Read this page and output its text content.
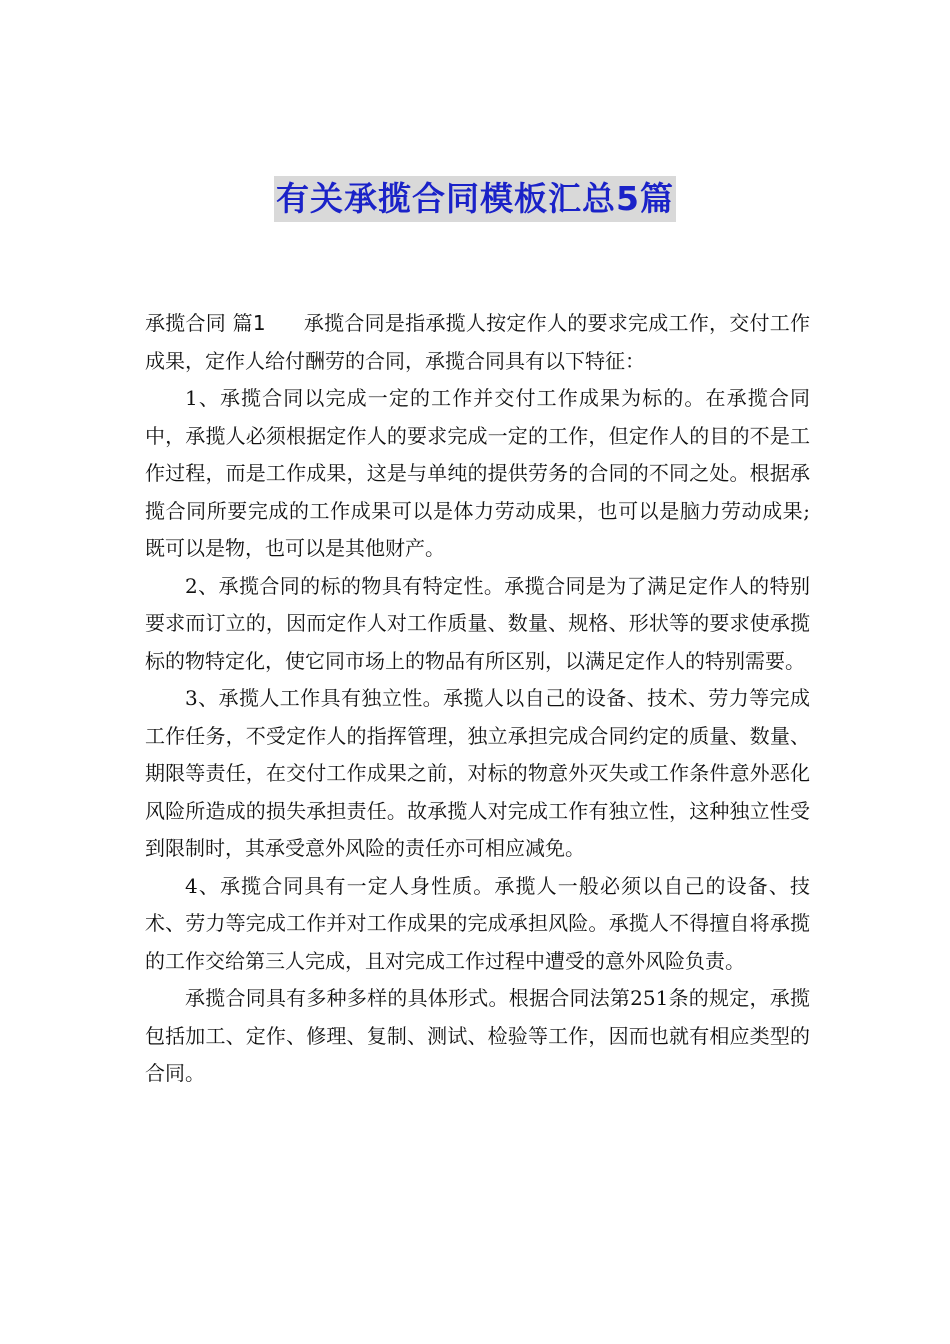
有关承揽合同模板汇总5篇

承揽合同 篇1 承揽合同是指承揽人按定作人的要求完成工作，交付工作成果，定作人给付酬劳的合同，承揽合同具有以下特征：

1、承揽合同以完成一定的工作并交付工作成果为标的。在承揽合同中，承揽人必须根据定作人的要求完成一定的工作，但定作人的目的不是工作过程，而是工作成果，这是与单纯的提供劳务的合同的不同之处。根据承揽合同所要完成的工作成果可以是体力劳动成果，也可以是脑力劳动成果;既可以是物，也可以是其他财产。

2、承揽合同的标的物具有特定性。承揽合同是为了满足定作人的特别要求而订立的，因而定作人对工作质量、数量、规格、形状等的要求使承揽标的物特定化，使它同市场上的物品有所区别，以满足定作人的特别需要。

3、承揽人工作具有独立性。承揽人以自己的设备、技术、劳力等完成工作任务，不受定作人的指挥管理，独立承担完成合同约定的质量、数量、期限等责任，在交付工作成果之前，对标的物意外灭失或工作条件意外恶化风险所造成的损失承担责任。故承揽人对完成工作有独立性，这种独立性受到限制时，其承受意外风险的责任亦可相应减免。

4、承揽合同具有一定人身性质。承揽人一般必须以自己的设备、技术、劳力等完成工作并对工作成果的完成承担风险。承揽人不得擅自将承揽的工作交给第三人完成，且对完成工作过程中遭受的意外风险负责。

承揽合同具有多种多样的具体形式。根据合同法第251条的规定，承揽包括加工、定作、修理、复制、测试、检验等工作，因而也就有相应类型的合同。
